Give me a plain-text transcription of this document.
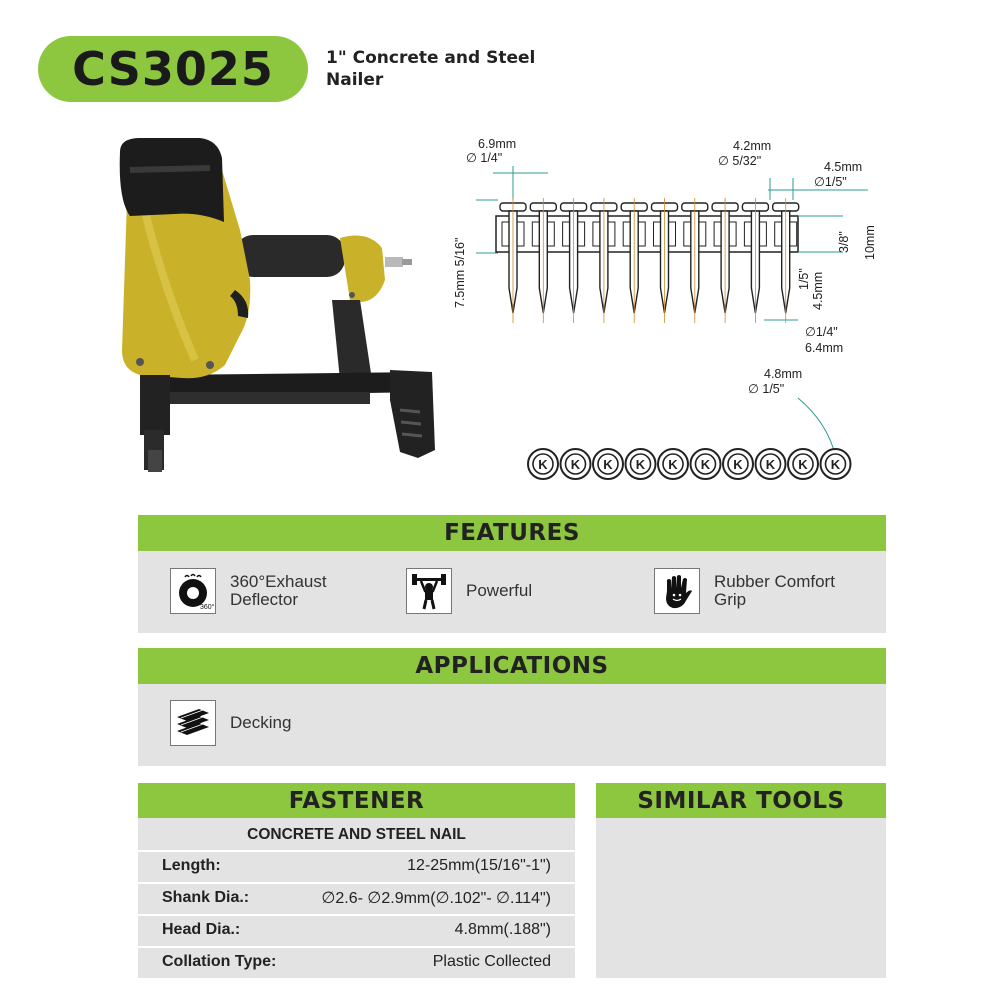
CS3025	1" Concrete and Steel
Nailer
6.9mm
∅ 1/4"
4.2mm
∅ 5/32"	4.5mm
∅1/5"
7.5mm 5/16"	3/8" 10mm
1/5" 4.5mm
∅1/4"
6.4mm
4.8mm
∅ 1/5"
K K K K K K K K K K
FEATURES
360°
360°Exhaust
Deflector	Powerful	Rubber Comfort
Grip
APPLICATIONS
Decking
FASTENER
CONCRETE AND STEEL NAIL
Length:	12-25mm(15/16"-1")
Shank Dia.:	∅2.6- ∅2.9mm(∅.102"- ∅.114")
Head Dia.:	4.8mm(.188")
Collation Type:	Plastic Collected
SIMILAR TOOLS
